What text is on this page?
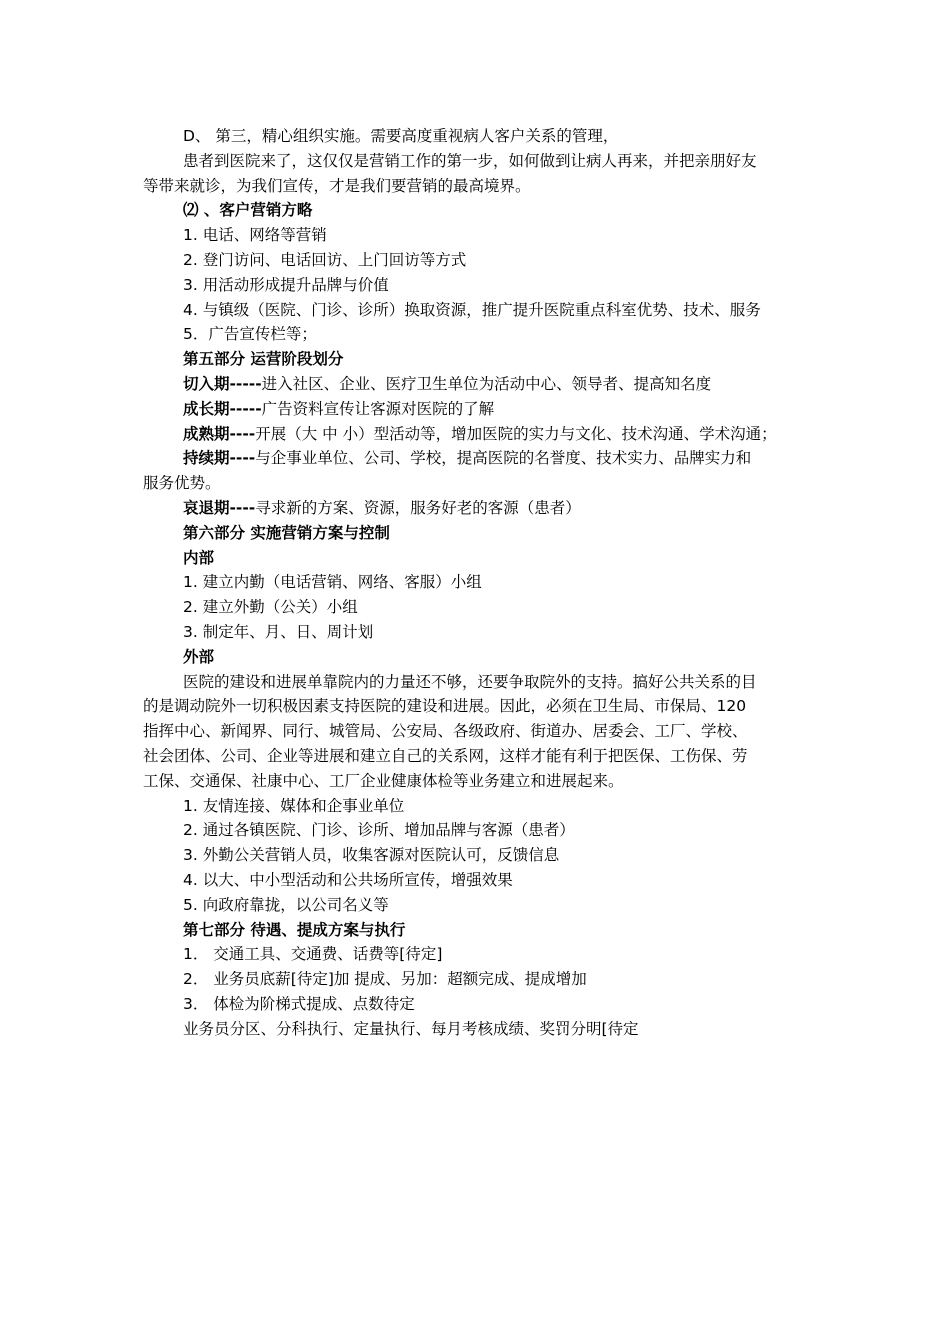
D、 第三，精心组织实施。需要高度重视病人客户关系的管理，

患者到医院来了，这仅仅是营销工作的第一步，如何做到让病人再来，并把亲朋好友

等带来就诊，为我们宣传，才是我们要营销的最高境界。

⑵ 、客户营销方略

1. 电话、网络等营销

2. 登门访问、电话回访、上门回访等方式

3. 用活动形成提升品牌与价值

4. 与镇级（医院、门诊、诊所）换取资源，推广提升医院重点科室优势、技术、服务

5．广告宣传栏等；

第五部分 运营阶段划分

切入期-----进入社区、企业、医疗卫生单位为活动中心、领导者、提高知名度

成长期-----广告资料宣传让客源对医院的了解

成熟期----开展（大 中 小）型活动等，增加医院的实力与文化、技术沟通、学术沟通；

持续期----与企事业单位、公司、学校，提高医院的名誉度、技术实力、品牌实力和

服务优势。

哀退期----寻求新的方案、资源，服务好老的客源（患者）

第六部分 实施营销方案与控制

内部

1. 建立内勤（电话营销、网络、客服）小组

2. 建立外勤（公关）小组

3. 制定年、月、日、周计划

外部

医院的建设和进展单靠院内的力量还不够，还要争取院外的支持。搞好公共关系的目

的是调动院外一切积极因素支持医院的建设和进展。因此，必须在卫生局、市保局、120

指挥中心、新闻界、同行、城管局、公安局、各级政府、街道办、居委会、工厂、学校、

社会团体、公司、企业等进展和建立自己的关系网，这样才能有利于把医保、工伤保、劳

工保、交通保、社康中心、工厂企业健康体检等业务建立和进展起来。

1. 友情连接、媒体和企事业单位

2. 通过各镇医院、门诊、诊所、增加品牌与客源（患者）

3. 外勤公关营销人员，收集客源对医院认可，反馈信息

4. 以大、中小型活动和公共场所宣传，增强效果

5. 向政府靠拢，以公司名义等

第七部分 待遇、提成方案与执行

1． 交通工具、交通费、话费等[待定]

2． 业务员底薪[待定]加 提成、另加：超额完成、提成增加

3． 体检为阶梯式提成、点数待定

业务员分区、分科执行、定量执行、每月考核成绩、奖罚分明[待定
